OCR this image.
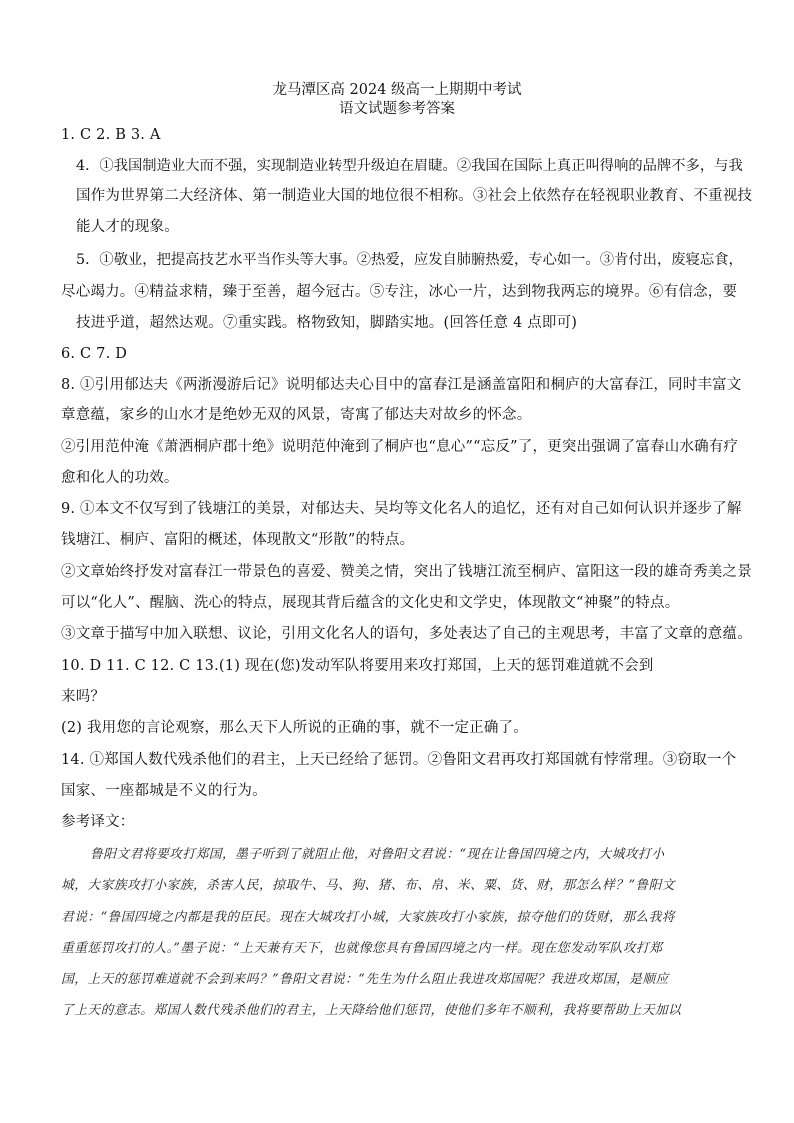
龙马潭区高 2024 级高一上期期中考试
语文试题参考答案
1. C 2. B 3. A
4．①我国制造业大而不强，实现制造业转型升级迫在眉睫。②我国在国际上真正叫得响的品牌不多，与我
国作为世界第二大经济体、第一制造业大国的地位很不相称。③社会上依然存在轻视职业教育、不重视技
能人才的现象。
5．①敬业，把提高技艺水平当作头等大事。②热爱，应发自肺腑热爱，专心如一。③肯付出，废寝忘食，
尽心竭力。④精益求精，臻于至善，超今冠古。⑤专注，冰心一片，达到物我两忘的境界。⑥有信念，要
技进乎道，超然达观。⑦重实践。格物致知，脚踏实地。(回答任意 4 点即可)
6. C 7. D
8. ①引用郁达夫《两浙漫游后记》说明郁达夫心目中的富春江是涵盖富阳和桐庐的大富春江，同时丰富文
章意蕴，家乡的山水才是绝妙无双的风景，寄寓了郁达夫对故乡的怀念。
②引用范仲淹《萧洒桐庐郡十绝》说明范仲淹到了桐庐也“息心”“忘反”了，更突出强调了富春山水确有疗
愈和化人的功效。
9. ①本文不仅写到了钱塘江的美景，对郁达夫、吴均等文化名人的追忆，还有对自己如何认识并逐步了解
钱塘江、桐庐、富阳的概述，体现散文“形散”的特点。
②文章始终抒发对富春江一带景色的喜爱、赞美之情，突出了钱塘江流至桐庐、富阳这一段的雄奇秀美之景
可以“化人”、醒脑、洗心的特点，展现其背后蕴含的文化史和文学史，体现散文“神聚”的特点。
③文章于描写中加入联想、议论，引用文化名人的语句，多处表达了自己的主观思考，丰富了文章的意蕴。
10. D 11. C 12. C 13.(1) 现在(您)发动军队将要用来攻打郑国，上天的惩罚难道就不会到
来吗？
(2) 我用您的言论观察，那么天下人所说的正确的事，就不一定正确了。
14. ①郑国人数代残杀他们的君主，上天已经给了惩罚。②鲁阳文君再攻打郑国就有悖常理。③窃取一个
国家、一座都城是不义的行为。
参考译文：
鲁阳文君将要攻打郑国，墨子听到了就阻止他，对鲁阳文君说：“现在让鲁国四境之内，大城攻打小
城，大家族攻打小家族，杀害人民，掠取牛、马、狗、猪、布、帛、米、粟、货、财，那怎么样？”鲁阳文
君说：“鲁国四境之内都是我的臣民。现在大城攻打小城，大家族攻打小家族，掠夺他们的货财，那么我将
重重惩罚攻打的人。”墨子说：“上天兼有天下，也就像您具有鲁国四境之内一样。现在您发动军队攻打郑
国，上天的惩罚难道就不会到来吗？”鲁阳文君说：“先生为什么阻止我进攻郑国呢？我进攻郑国，是顺应
了上天的意志。郑国人数代残杀他们的君主，上天降给他们惩罚，使他们多年不顺利，我将要帮助上天加以
